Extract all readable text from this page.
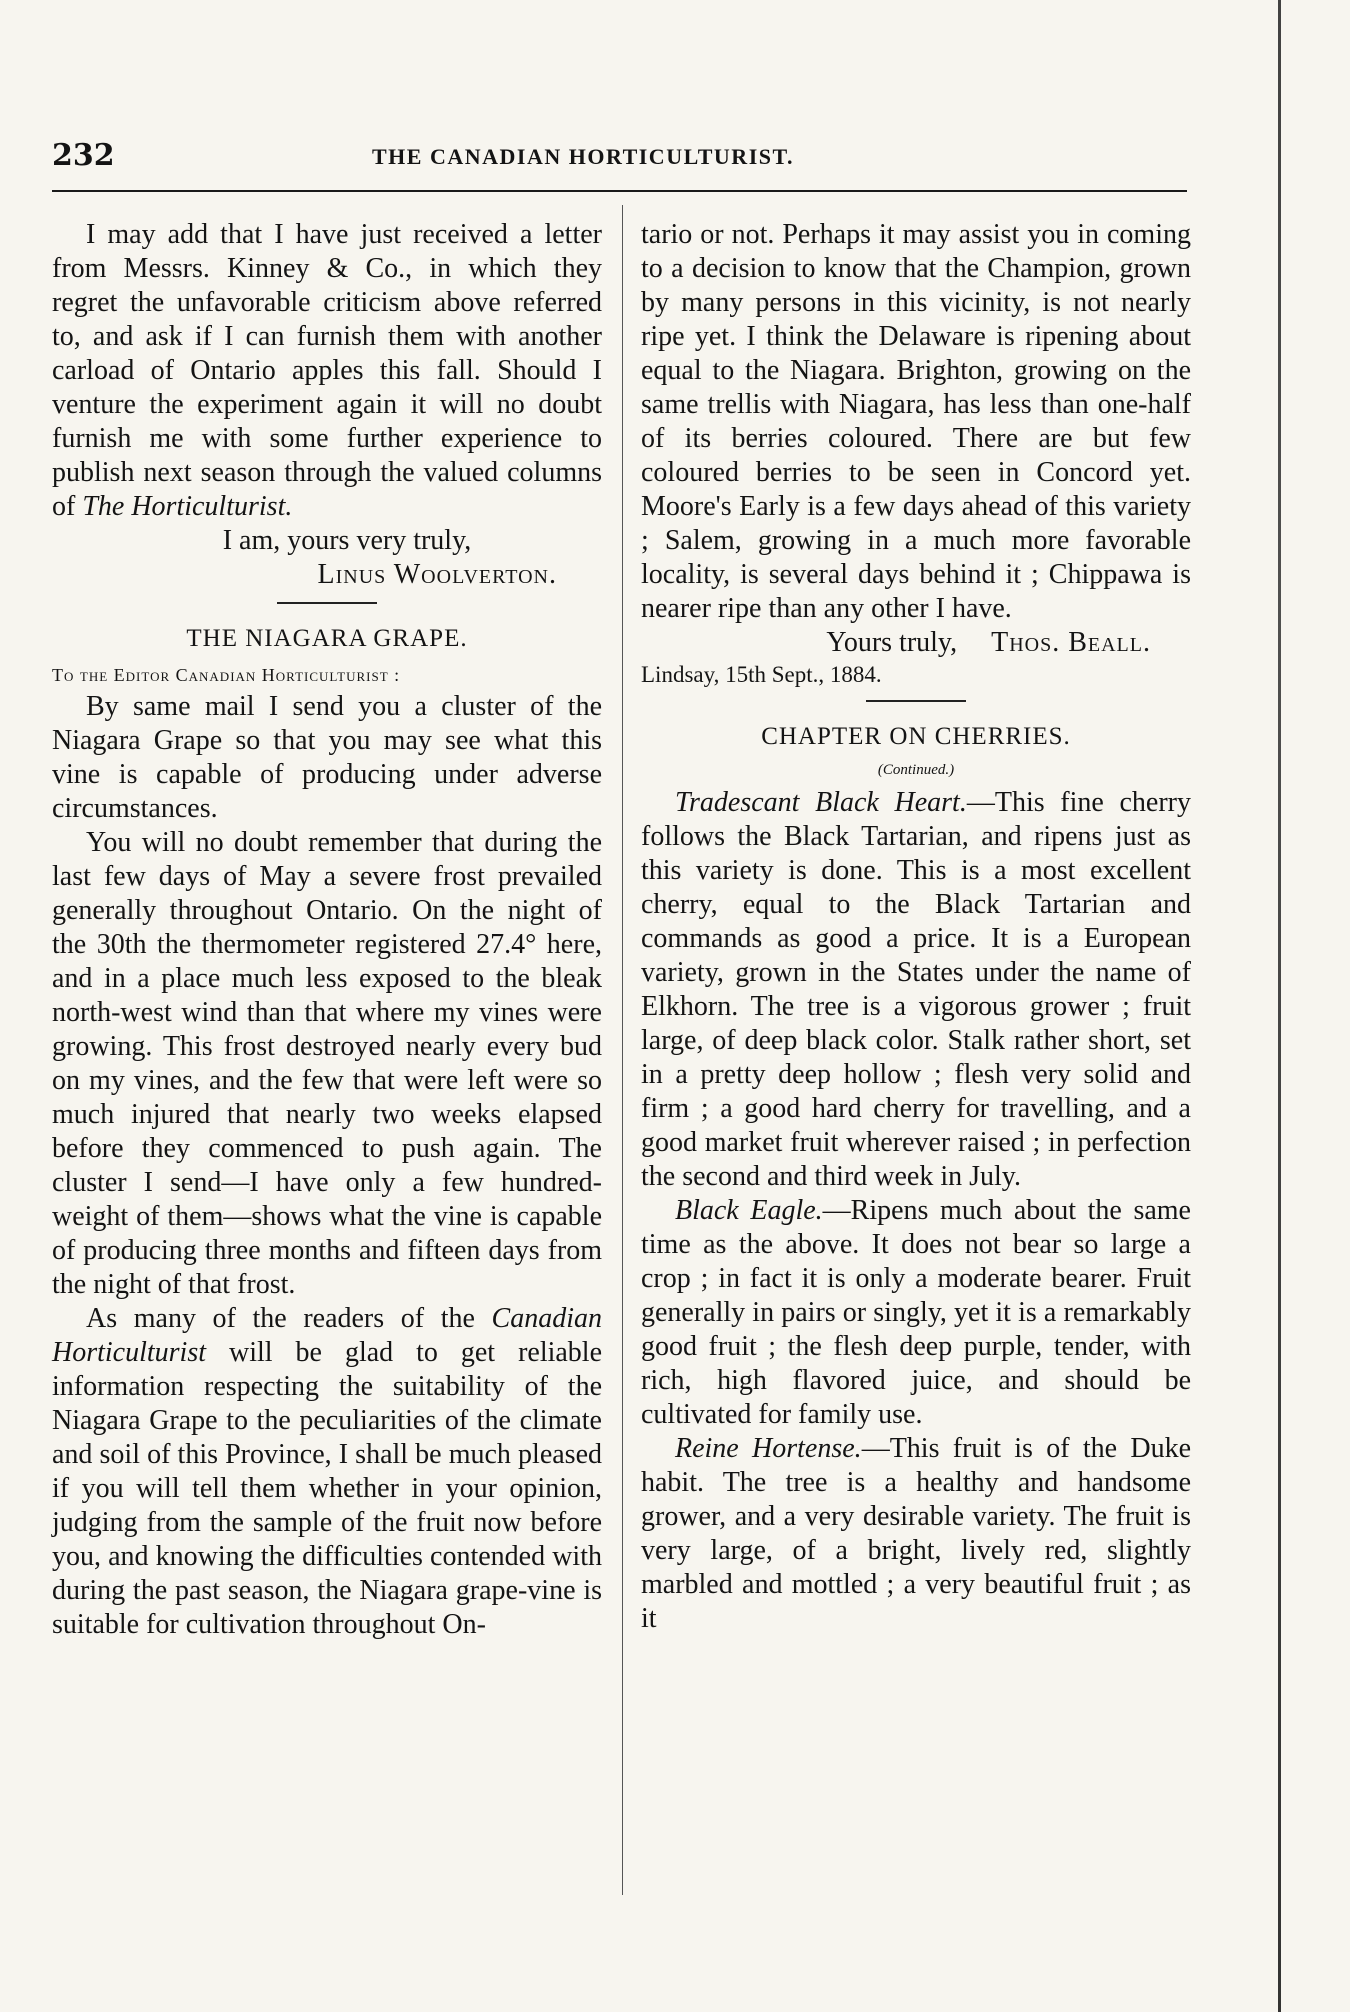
232	THE CANADIAN HORTICULTURIST.

I may add that I have just received a letter from Messrs. Kinney & Co., in which they regret the unfavorable criticism above referred to, and ask if I can furnish them with another carload of Ontario apples this fall. Should I venture the experiment again it will no doubt furnish me with some further experience to publish next season through the valued columns of The Horticulturist.

I am, yours very truly,

Linus Woolverton.

THE NIAGARA GRAPE.

To the Editor Canadian Horticulturist :

By same mail I send you a cluster of the Niagara Grape so that you may see what this vine is capable of producing under adverse circumstances.

You will no doubt remember that during the last few days of May a severe frost prevailed generally throughout Ontario. On the night of the 30th the thermometer registered 27.4° here, and in a place much less exposed to the bleak north-west wind than that where my vines were growing. This frost destroyed nearly every bud on my vines, and the few that were left were so much injured that nearly two weeks elapsed before they commenced to push again. The cluster I send—I have only a few hundred-weight of them—shows what the vine is capable of producing three months and fifteen days from the night of that frost.

As many of the readers of the Canadian Horticulturist will be glad to get reliable information respecting the suitability of the Niagara Grape to the peculiarities of the climate and soil of this Province, I shall be much pleased if you will tell them whether in your opinion, judging from the sample of the fruit now before you, and knowing the difficulties contended with during the past season, the Niagara grape-vine is suitable for cultivation throughout On-

tario or not. Perhaps it may assist you in coming to a decision to know that the Champion, grown by many persons in this vicinity, is not nearly ripe yet. I think the Delaware is ripening about equal to the Niagara. Brighton, growing on the same trellis with Niagara, has less than one-half of its berries coloured. There are but few coloured berries to be seen in Concord yet. Moore's Early is a few days ahead of this variety ; Salem, growing in a much more favorable locality, is several days behind it ; Chippawa is nearer ripe than any other I have.

Yours truly, Thos. Beall.

Lindsay, 15th Sept., 1884.

CHAPTER ON CHERRIES.

(Continued.)

Tradescant Black Heart.—This fine cherry follows the Black Tartarian, and ripens just as this variety is done. This is a most excellent cherry, equal to the Black Tartarian and commands as good a price. It is a European variety, grown in the States under the name of Elkhorn. The tree is a vigorous grower ; fruit large, of deep black color. Stalk rather short, set in a pretty deep hollow ; flesh very solid and firm ; a good hard cherry for travelling, and a good market fruit wherever raised ; in perfection the second and third week in July.

Black Eagle.—Ripens much about the same time as the above. It does not bear so large a crop ; in fact it is only a moderate bearer. Fruit generally in pairs or singly, yet it is a remarkably good fruit ; the flesh deep purple, tender, with rich, high flavored juice, and should be cultivated for family use.

Reine Hortense.—This fruit is of the Duke habit. The tree is a healthy and handsome grower, and a very desirable variety. The fruit is very large, of a bright, lively red, slightly marbled and mottled ; a very beautiful fruit ; as it
